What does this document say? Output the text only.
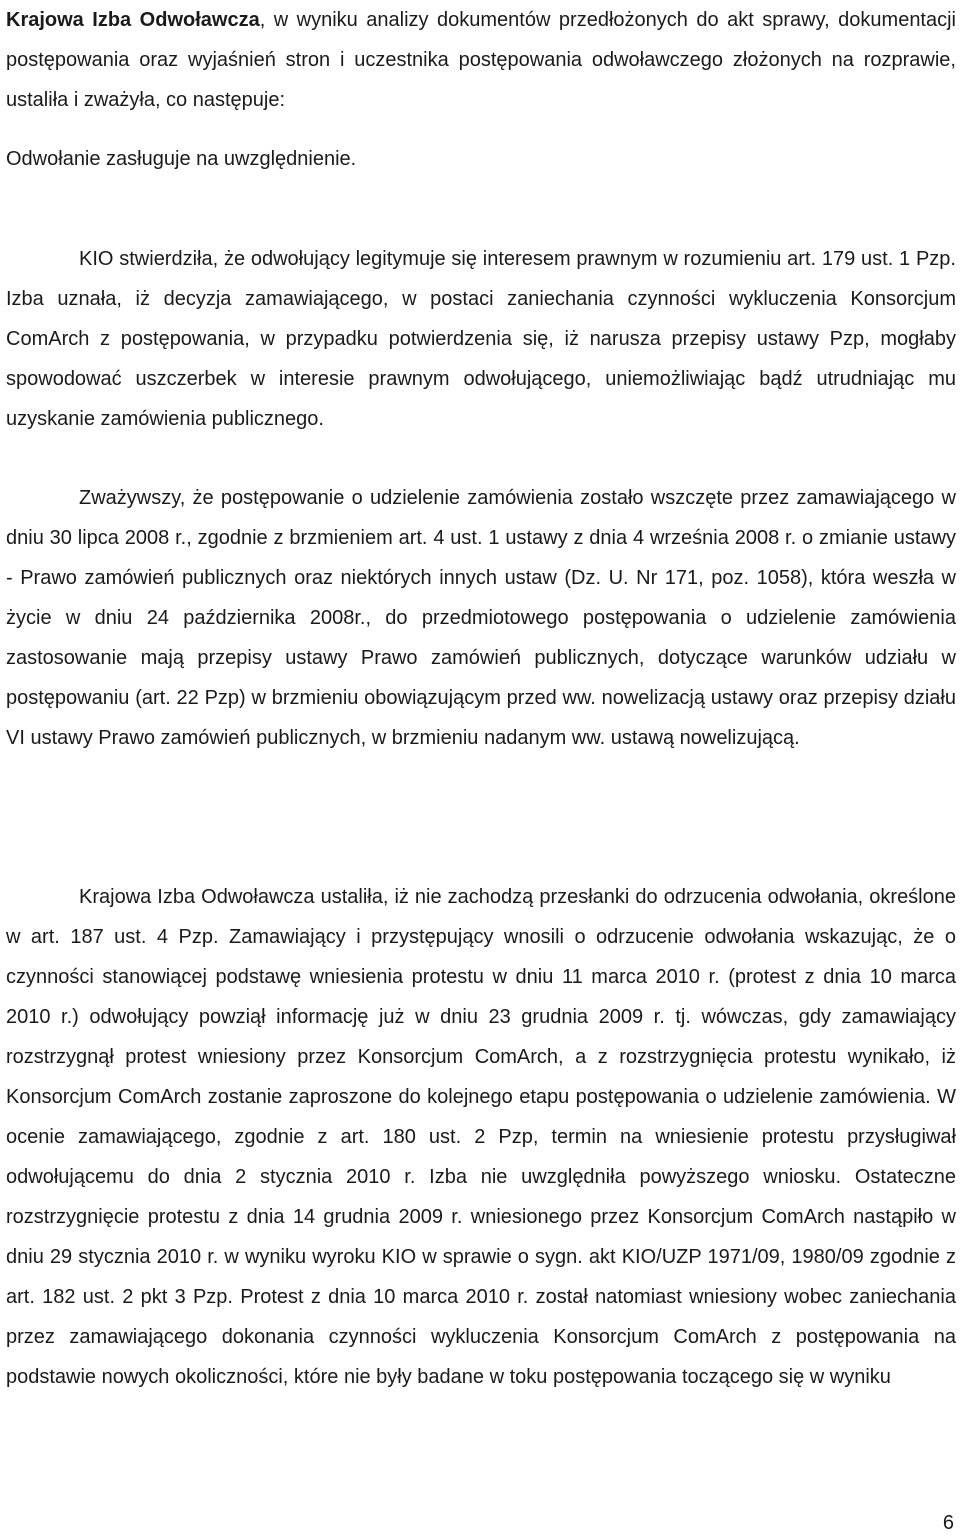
Krajowa Izba Odwoławcza, w wyniku analizy dokumentów przedłożonych do akt sprawy, dokumentacji postępowania oraz wyjaśnień stron i uczestnika postępowania odwoławczego złożonych na rozprawie, ustaliła i zważyła, co następuje:

Odwołanie zasługuje na uwzględnienie.

KIO stwierdziła, że odwołujący legitymuje się interesem prawnym w rozumieniu art. 179 ust. 1 Pzp. Izba uznała, iż decyzja zamawiającego, w postaci zaniechania czynności wykluczenia Konsorcjum ComArch z postępowania, w przypadku potwierdzenia się, iż narusza przepisy ustawy Pzp, mogłaby spowodować uszczerbek w interesie prawnym odwołującego, uniemożliwiając bądź utrudniając mu uzyskanie zamówienia publicznego.

Zważywszy, że postępowanie o udzielenie zamówienia zostało wszczęte przez zamawiającego w dniu 30 lipca 2008 r., zgodnie z brzmieniem art. 4 ust. 1 ustawy z dnia 4 września 2008 r. o zmianie ustawy - Prawo zamówień publicznych oraz niektórych innych ustaw (Dz. U. Nr 171, poz. 1058), która weszła w życie w dniu 24 października 2008r., do przedmiotowego postępowania o udzielenie zamówienia zastosowanie mają przepisy ustawy Prawo zamówień publicznych, dotyczące warunków udziału w postępowaniu (art. 22 Pzp) w brzmieniu obowiązującym przed ww. nowelizacją ustawy oraz przepisy działu VI ustawy Prawo zamówień publicznych, w brzmieniu nadanym ww. ustawą nowelizującą.

Krajowa Izba Odwoławcza ustaliła, iż nie zachodzą przesłanki do odrzucenia odwołania, określone w art. 187 ust. 4 Pzp. Zamawiający i przystępujący wnosili o odrzucenie odwołania wskazując, że o czynności stanowiącej podstawę wniesienia protestu w dniu 11 marca 2010 r. (protest z dnia 10 marca 2010 r.) odwołujący powziął informację już w dniu 23 grudnia 2009 r. tj. wówczas, gdy zamawiający rozstrzygnął protest wniesiony przez Konsorcjum ComArch, a z rozstrzygnięcia protestu wynikało, iż Konsorcjum ComArch zostanie zaproszone do kolejnego etapu postępowania o udzielenie zamówienia. W ocenie zamawiającego, zgodnie z art. 180 ust. 2 Pzp, termin na wniesienie protestu przysługiwał odwołującemu do dnia 2 stycznia 2010 r. Izba nie uwzględniła powyższego wniosku. Ostateczne rozstrzygnięcie protestu z dnia 14 grudnia 2009 r. wniesionego przez Konsorcjum ComArch nastąpiło w dniu 29 stycznia 2010 r. w wyniku wyroku KIO w sprawie o sygn. akt KIO/UZP 1971/09, 1980/09 zgodnie z art. 182 ust. 2 pkt 3 Pzp. Protest z dnia 10 marca 2010 r. został natomiast wniesiony wobec zaniechania przez zamawiającego dokonania czynności wykluczenia Konsorcjum ComArch z postępowania na podstawie nowych okoliczności, które nie były badane w toku postępowania toczącego się w wyniku

6
